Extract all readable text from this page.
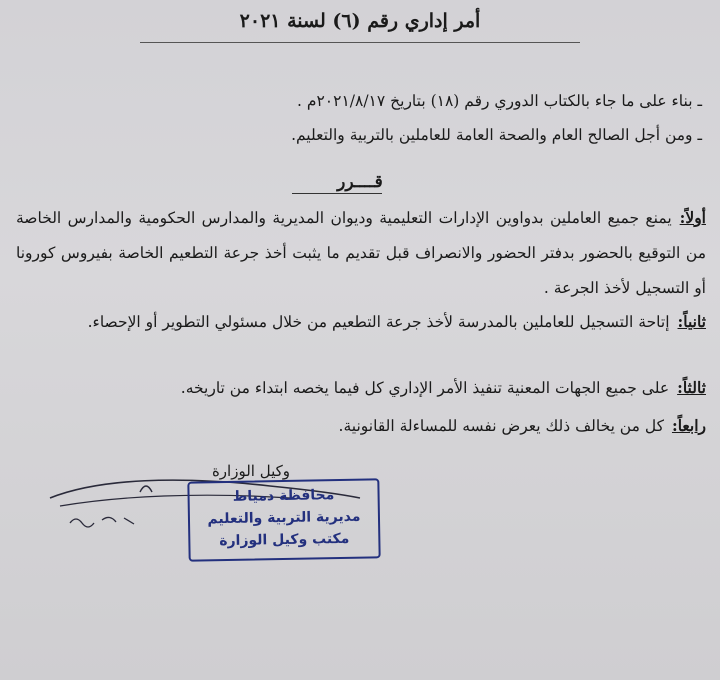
أمر إداري رقم (٦) لسنة ٢٠٢١
ـ بناء على ما جاء بالكتاب الدوري رقم (١٨) بتاريخ ٢٠٢١/٨/١٧م .
ـ ومن أجل الصالح العام والصحة العامة للعاملين بالتربية والتعليم.
قــــرر
أولاً:يمنع جميع العاملين بدواوين الإدارات التعليمية وديوان المديرية والمدارس الحكومية والمدارس الخاصة من التوقيع بالحضور بدفتر الحضور والانصراف قبل تقديم ما يثبت أخذ جرعة التطعيم الخاصة بفيروس كورونا أو التسجيل لأخذ الجرعة .
ثانياً:إتاحة التسجيل للعاملين بالمدرسة لأخذ جرعة التطعيم من خلال مسئولي التطوير أو الإحصاء.
ثالثاً:على جميع الجهات المعنية تنفيذ الأمر الإداري كل فيما يخصه ابتداء من تاريخه.
رابعاً:كل من يخالف ذلك يعرض نفسه للمساءلة القانونية.
وكيل الوزارة
محافظة دمياط
مديرية التربية والتعليم
مكتب وكيل الوزارة
